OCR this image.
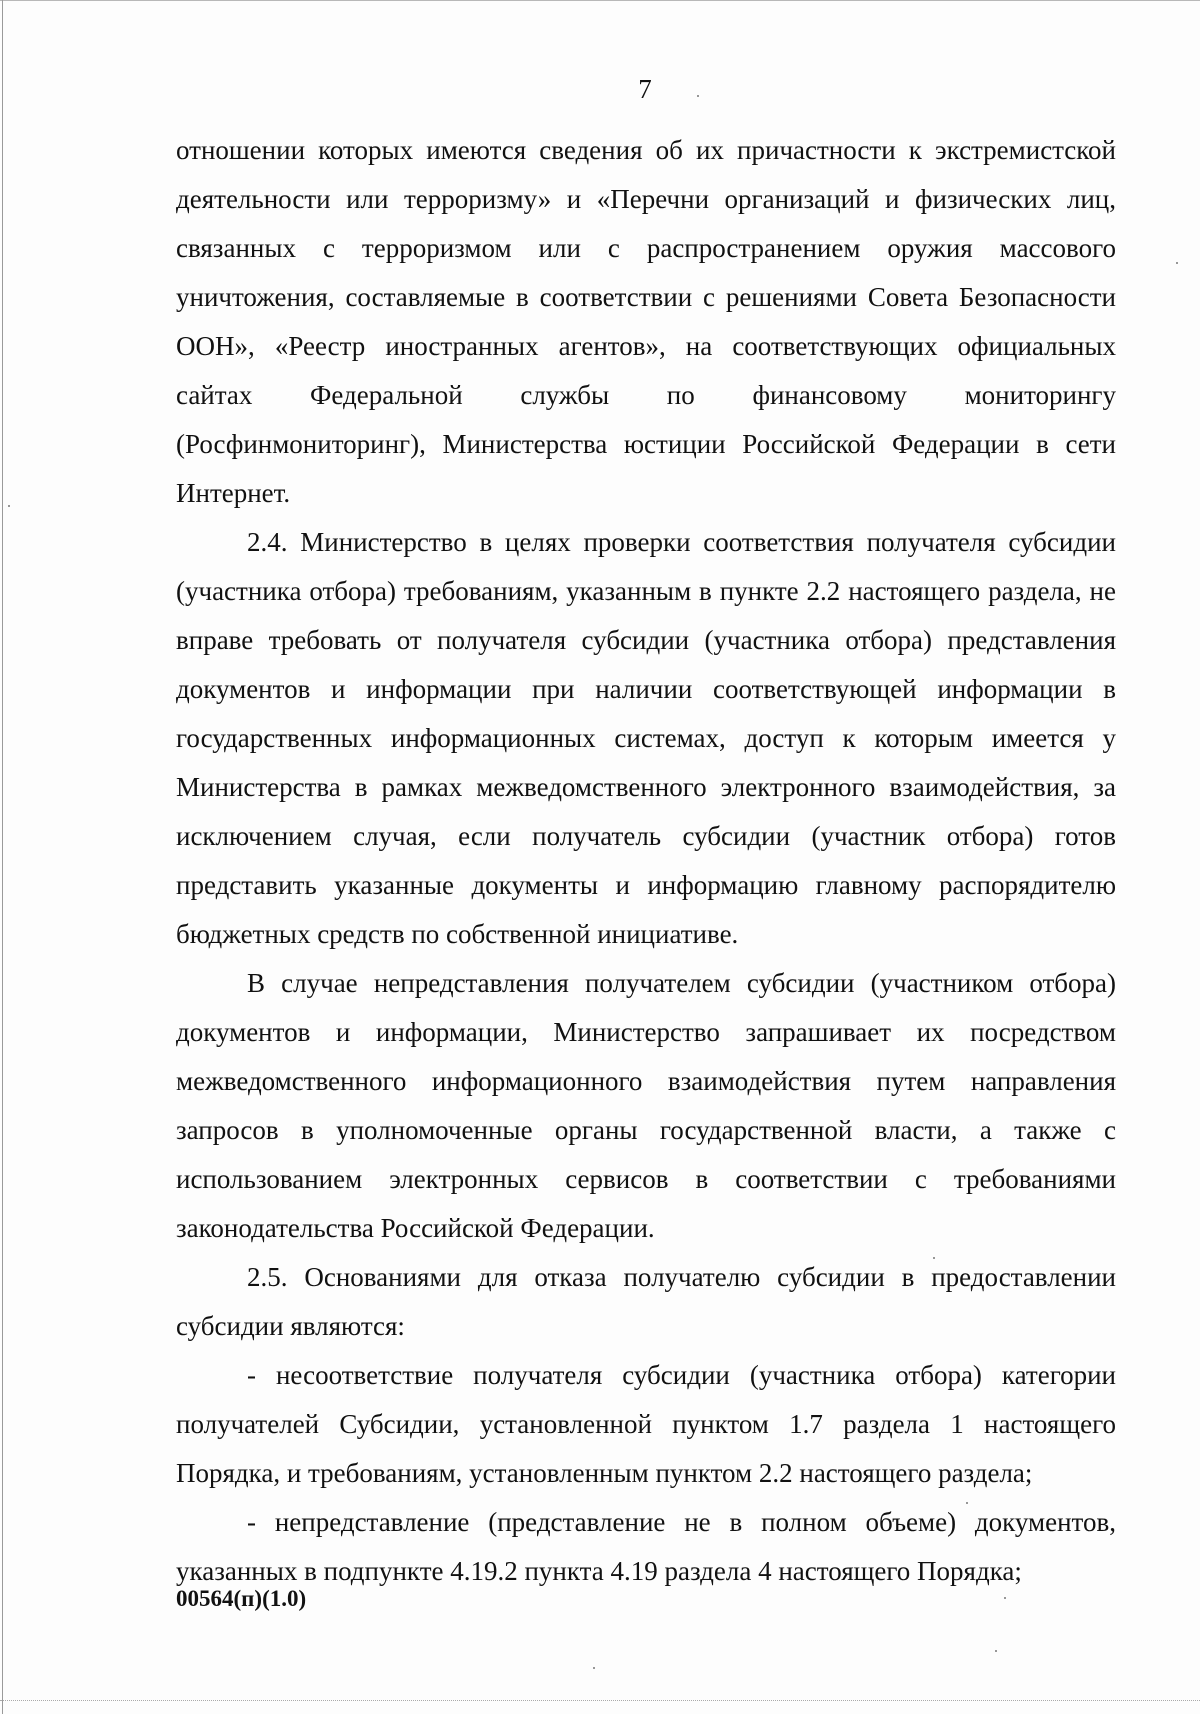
7

отношении которых имеются сведения об их причастности к экстремистской деятельности или терроризму» и «Перечни организаций и физических лиц, связанных с терроризмом или с распространением оружия массового уничтожения, составляемые в соответствии с решениями Совета Безопасности ООН», «Реестр иностранных агентов», на соответствующих официальных сайтах Федеральной службы по финансовому мониторингу (Росфинмониторинг), Министерства юстиции Российской Федерации в сети Интернет.

2.4. Министерство в целях проверки соответствия получателя субсидии (участника отбора) требованиям, указанным в пункте 2.2 настоящего раздела, не вправе требовать от получателя субсидии (участника отбора) представления документов и информации при наличии соответствующей информации в государственных информационных системах, доступ к которым имеется у Министерства в рамках межведомственного электронного взаимодействия, за исключением случая, если получатель субсидии (участник отбора) готов представить указанные документы и информацию главному распорядителю бюджетных средств по собственной инициативе.

В случае непредставления получателем субсидии (участником отбора) документов и информации, Министерство запрашивает их посредством межведомственного информационного взаимодействия путем направления запросов в уполномоченные органы государственной власти, а также с использованием электронных сервисов в соответствии с требованиями законодательства Российской Федерации.

2.5. Основаниями для отказа получателю субсидии в предоставлении субсидии являются:

- несоответствие получателя субсидии (участника отбора) категории получателей Субсидии, установленной пунктом 1.7 раздела 1 настоящего Порядка, и требованиям, установленным пунктом 2.2 настоящего раздела;

- непредставление (представление не в полном объеме) документов, указанных в подпункте 4.19.2 пункта 4.19 раздела 4 настоящего Порядка;

00564(п)(1.0)
